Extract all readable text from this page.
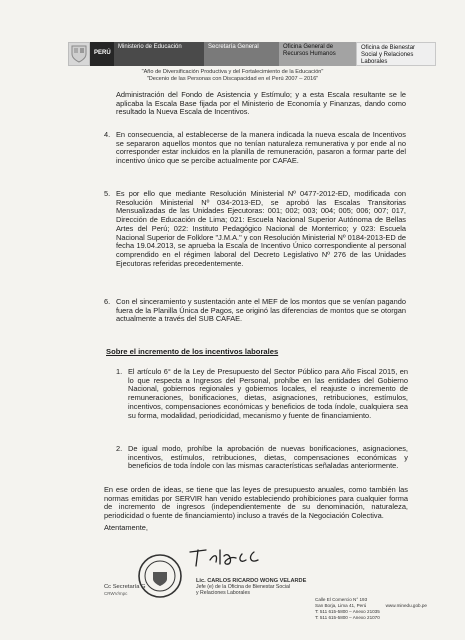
PERÚ
Ministerio de Educación	Secretaría General	Oficina General de Recursos Humanos
Oficina de Bienestar Social y Relaciones Laborales
"Año de Diversificación Productiva y del Fortalecimiento de la Educación"
"Decenio de las Personas con Discapacidad en el Perú 2007 – 2016"
Administración del Fondo de Asistencia y Estímulo; y a esta Escala resultante se le aplicaba la Escala Base fijada por el Ministerio de Economía y Finanzas, dando como resultado la Nueva Escala de Incentivos.
4. En consecuencia, al establecerse de la manera indicada la nueva escala de Incentivos se separaron aquellos montos que no tenían naturaleza remunerativa y por ende al no corresponder estar incluidos en la planilla de remuneración, pasaron a formar parte del incentivo único que se percibe actualmente por CAFAE.
5. Es por ello que mediante Resolución Ministerial Nº 0477-2012-ED, modificada con Resolución Ministerial Nº 034-2013-ED, se aprobó las Escalas Transitorias Mensualizadas de las Unidades Ejecutoras: 001; 002; 003; 004; 005; 006; 007; 017, Dirección de Educación de Lima; 021: Escuela Nacional Superior Autónoma de Bellas Artes del Perú; 022: Instituto Pedagógico Nacional de Monterrico; y 023: Escuela Nacional Superior de Folklore "J.M.A." y con Resolución Ministerial Nº 0184-2013-ED de fecha 19.04.2013, se aprueba la Escala de Incentivo Único correspondiente al personal comprendido en el régimen laboral del Decreto Legislativo Nº 276 de las Unidades Ejecutoras referidas precedentemente.
6. Con el sinceramiento y sustentación ante el MEF de los montos que se venían pagando fuera de la Planilla Única de Pagos, se originó las diferencias de montos que se otorgan actualmente a través del SUB CAFAE.
Sobre el incremento de los incentivos laborales
1. El artículo 6° de la Ley de Presupuesto del Sector Público para Año Fiscal 2015, en lo que respecta a Ingresos del Personal, prohíbe en las entidades del Gobierno Nacional, gobiernos regionales y gobiernos locales, el reajuste o incremento de remuneraciones, bonificaciones, dietas, asignaciones, retribuciones, estímulos, incentivos, compensaciones económicas y beneficios de toda índole, cualquiera sea su forma, modalidad, periodicidad, mecanismo y fuente de financiamiento.
2. De igual modo, prohíbe la aprobación de nuevas bonificaciones, asignaciones, incentivos, estímulos, retribuciones, dietas, compensaciones económicas y beneficios de toda índole con las mismas características señaladas anteriormente.
En ese orden de ideas, se tiene que las leyes de presupuesto anuales, como también las normas emitidas por SERVIR han venido estableciendo prohibiciones para cualquier forma de incremento de ingresos (independientemente de su denominación, naturaleza, periodicidad o fuente de financiamiento) incluso a través de la Negociación Colectiva.
Atentamente,
Lic. CARLOS RICARDO WONG VELARDE
Jefe (e) de la Oficina de Bienestar Social
y Relaciones Laborales
Cc Secretaría G
CRWV/mpc
Calle El Comercio N° 193
San Borja, Lima 41, Perú	www.minedu.gob.pe
T: 511 615-5800 – Anexo 21035
T: 511 615-5800 – Anexo 21070
